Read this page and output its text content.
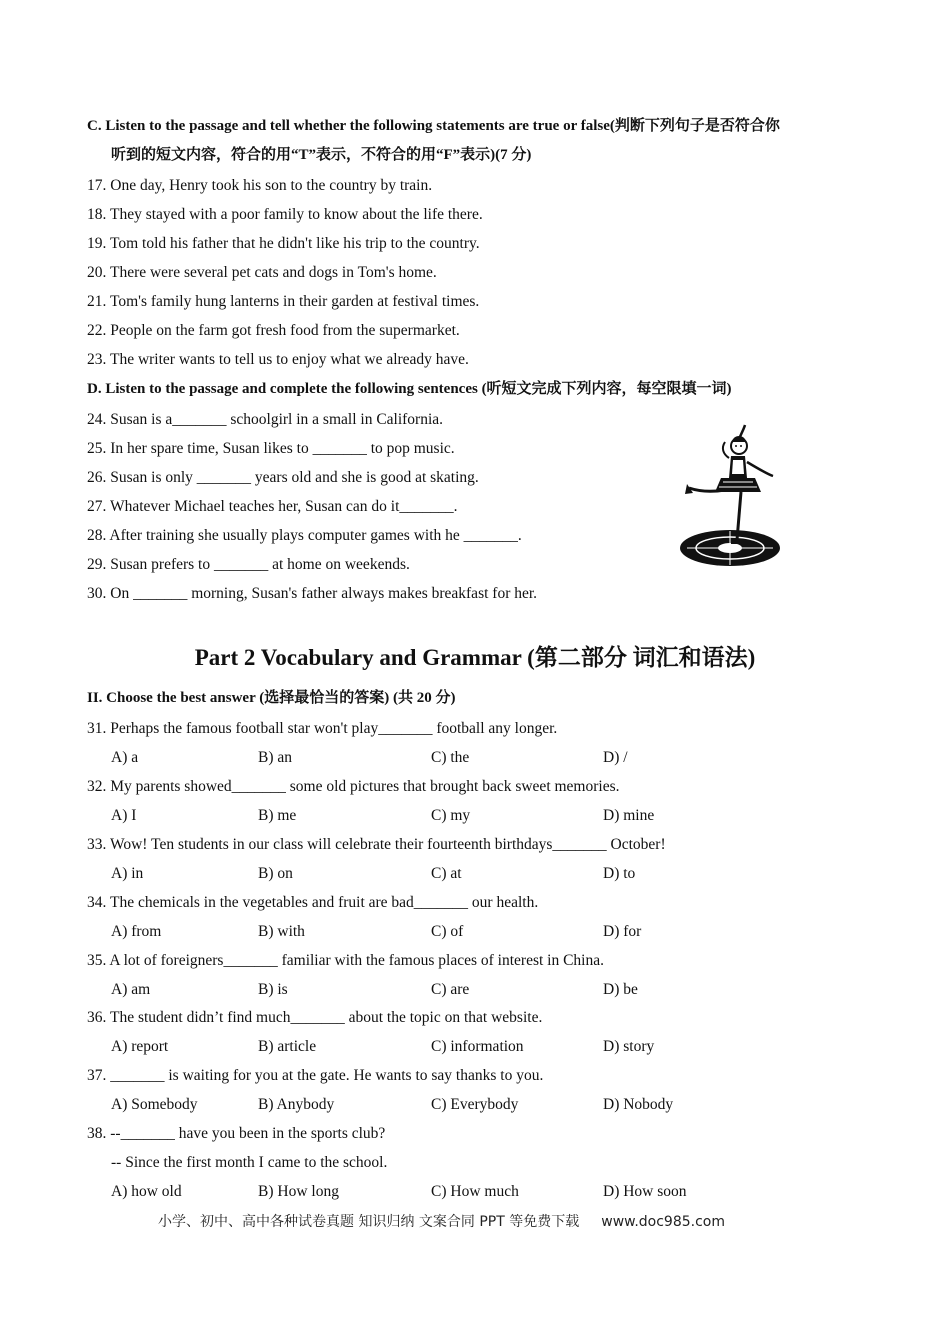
C. Listen to the passage and tell whether the following statements are true or false(判断下列句子是否符合你
听到的短文内容，符合的用“T”表示，不符合的用“F”表示)(7 分)
17. One day, Henry took his son to the country by train.
18. They stayed with a poor family to know about the life there.
19. Tom told his father that he didn't like his trip to the country.
20. There were several pet cats and dogs in Tom's home.
21. Tom's family hung lanterns in their garden at festival times.
22. People on the farm got fresh food from the supermarket.
23. The writer wants to tell us to enjoy what we already have.
D. Listen to the passage and complete the following sentences (听短文完成下列内容，每空限填一词)
24. Susan is a_______ schoolgirl in a small in California.
25. In her spare time, Susan likes to _______ to pop music.
26. Susan is only _______ years old and she is good at skating.
27. Whatever Michael teaches her, Susan can do it_______.
28. After training she usually plays computer games with he _______.
29. Susan prefers to _______ at home on weekends.
30. On _______ morning, Susan's father always makes breakfast for her.
Part 2 Vocabulary and Grammar (第二部分 词汇和语法)
II. Choose the best answer (选择最恰当的答案) (共 20 分)
31. Perhaps the famous football star won't play_______ football any longer.
A) a	B) an	C) the	D) /
32. My parents showed_______ some old pictures that brought back sweet memories.
A) I	B) me	C) my	D) mine
33. Wow! Ten students in our class will celebrate their fourteenth birthdays_______ October!
A) in	B) on	C) at	D) to
34. The chemicals in the vegetables and fruit are bad_______ our health.
A) from	B) with	C) of	D) for
35. A lot of foreigners_______ familiar with the famous places of interest in China.
A) am	B) is	C) are	D) be
36. The student didn’t find much_______ about the topic on that website.
A) report	B) article	C) information	D) story
37. _______ is waiting for you at the gate. He wants to say thanks to you.
A) Somebody	B) Anybody	C) Everybody	D) Nobody
38. --_______ have you been in the sports club?
-- Since the first month I came to the school.
A) how old	B) How long	C) How much	D) How soon
小学、初中、高中各种试卷真题 知识归纳 文案合同 PPT 等免费下载 www.doc985.com
